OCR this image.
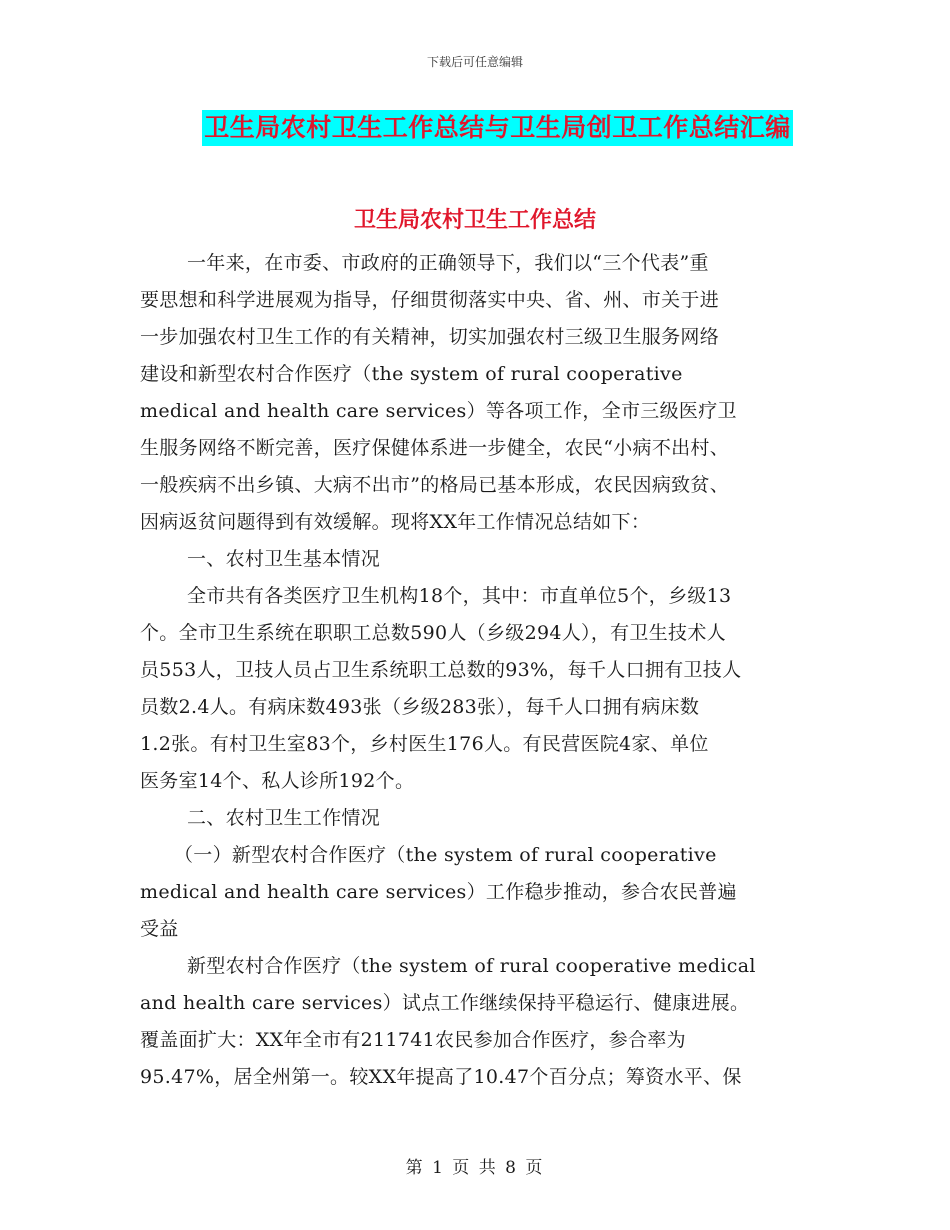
下载后可任意编辑
卫生局农村卫生工作总结与卫生局创卫工作总结汇编
卫生局农村卫生工作总结
一年来，在市委、市政府的正确领导下，我们以“三个代表”重
要思想和科学进展观为指导，仔细贯彻落实中央、省、州、市关于进
一步加强农村卫生工作的有关精神，切实加强农村三级卫生服务网络
建设和新型农村合作医疗（the system of rural cooperative
medical and health care services）等各项工作，全市三级医疗卫
生服务网络不断完善，医疗保健体系进一步健全，农民“小病不出村、
一般疾病不出乡镇、大病不出市”的格局已基本形成，农民因病致贫、
因病返贫问题得到有效缓解。现将XX年工作情况总结如下：
一、农村卫生基本情况
全市共有各类医疗卫生机构18个，其中：市直单位5个，乡级13
个。全市卫生系统在职职工总数590人（乡级294人），有卫生技术人
员553人，卫技人员占卫生系统职工总数的93%，每千人口拥有卫技人
员数2.4人。有病床数493张（乡级283张），每千人口拥有病床数
1.2张。有村卫生室83个，乡村医生176人。有民营医院4家、单位
医务室14个、私人诊所192个。
二、农村卫生工作情况
（一）新型农村合作医疗（the system of rural cooperative
medical and health care services）工作稳步推动，参合农民普遍
受益
新型农村合作医疗（the system of rural cooperative medical
and health care services）试点工作继续保持平稳运行、健康进展。
覆盖面扩大：XX年全市有211741农民参加合作医疗，参合率为
95.47%，居全州第一。较XX年提高了10.47个百分点；筹资水平、保
第 1 页 共 8 页
